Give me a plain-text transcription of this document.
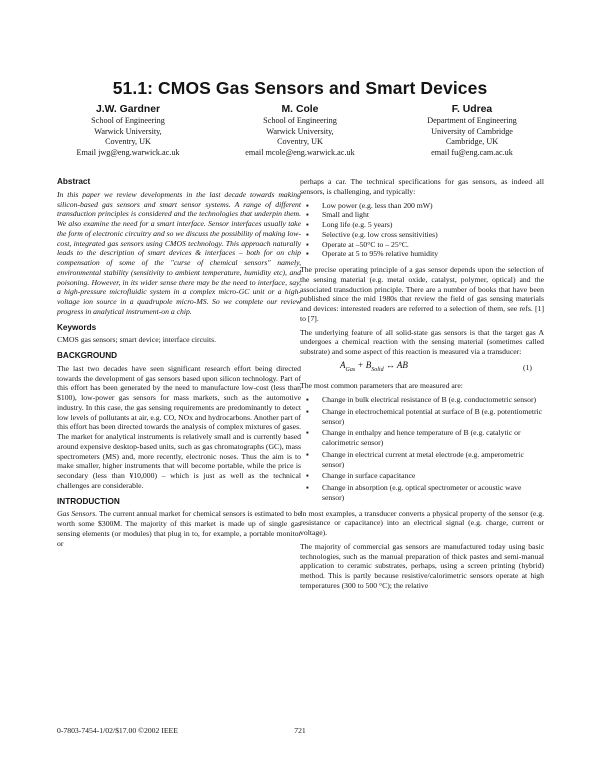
51.1: CMOS Gas Sensors and Smart Devices
J.W. Gardner
School of Engineering
Warwick University,
Coventry, UK
Email jwg@eng.warwick.ac.uk
M. Cole
School of Engineering
Warwick University,
Coventry, UK
email mcole@eng.warwick.ac.uk
F. Udrea
Department of Engineering
University of Cambridge
Cambridge, UK
email fu@eng.cam.ac.uk
Abstract

In this paper we review developments in the last decade towards making silicon-based gas sensors and smart sensor systems. A range of different transduction principles is considered and the technologies that underpin them. We also examine the need for a smart interface. Sensor interfaces usually take the form of electronic circuitry and so we discuss the possibility of making low-cost, integrated gas sensors using CMOS technology. This approach naturally leads to the description of smart devices & interfaces – both for on chip compensation of some of the "curse of chemical sensors" namely, environmental stability (sensitivity to ambient temperature, humidity etc), and poisoning. However, in its wider sense there may be the need to interface, say, a high-pressure microfluidic system in a complex micro-GC unit or a high-voltage ion source in a quadrupole micro-MS. So we complete our review progress in analytical instrument-on a chip.

Keywords

CMOS gas sensors; smart device; interface circuits.

BACKGROUND

The last two decades have seen significant research effort being directed towards the development of gas sensors based upon silicon technology. Part of this effort has been generated by the need to manufacture low-cost (less than $100), low-power gas sensors for mass markets, such as the automotive industry. In this case, the gas sensing requirements are predominantly to detect low levels of pollutants at air, e.g. CO, NOx and hydrocarbons. Another part of this effort has been directed towards the analysis of complex mixtures of gases. The market for analytical instruments is relatively small and is currently based around expensive desktop-based units, such as gas chromatographs (GC), mass spectrometers (MS) and, more recently, electronic noses. Thus the aim is to make smaller, higher instruments that will become portable, while the price is secondary (less than ¥10,000) – which is just as well as the technical challenges are considerable.

INTRODUCTION

Gas Sensors. The current annual market for chemical sensors is estimated to be worth some $300M. The majority of this market is made up of single gas sensing elements (or modules) that plug in to, for example, a portable monitor or

perhaps a car. The technical specifications for gas sensors, as indeed all sensors, is challenging, and typically:

▪ Low power (e.g. less than 200 mW)
▪ Small and light
▪ Long life (e.g. 5 years)
▪ Selective (e.g. low cross sensitivities)
▪ Operate at –50°C to – 25°C.
▪ Operate at 5 to 95% relative humidity

The precise operating principle of a gas sensor depends upon the selection of the sensing material (e.g. metal oxide, catalyst, polymer, optical) and the associated transduction principle. There are a number of books that have been published since the mid 1980s that review the field of gas sensing materials and devices: interested readers are referred to a selection of them, see refs. [1] to [7].

The underlying feature of all solid-state gas sensors is that the target gas A undergoes a chemical reaction with the sensing material (sometimes called substrate) and some aspect of this reaction is measured via a transducer:

$A_{Gas} + B_{Solid}$ ↔ AB	(1)

The most common parameters that are measured are:

▪ Change in bulk electrical resistance of B (e.g. conductometric sensor)
▪ Change in electrochemical potential at surface of B (e.g. potentiometric sensor)
▪ Change in enthalpy and hence temperature of B (e.g. catalytic or calorimetric sensor)
▪ Change in electrical current at metal electrode (e.g. amperometric sensor)
▪ Change in surface capacitance
▪ Change in absorption (e.g. optical spectrometer or acoustic wave sensor)

In most examples, a transducer converts a physical property of the sensor (e.g. resistance or capacitance) into an electrical signal (e.g. charge, current or voltage).

The majority of commercial gas sensors are manufactured today using basic technologies, such as the manual preparation of thick pastes and semi-manual application to ceramic substrates, perhaps, using a screen printing (hybrid) method. This is partly because resistive/calorimetric sensors operate at high temperatures (300 to 500 °C); the relative

0-7803-7454-1/02/$17.00 ©2002 IEEE	721
